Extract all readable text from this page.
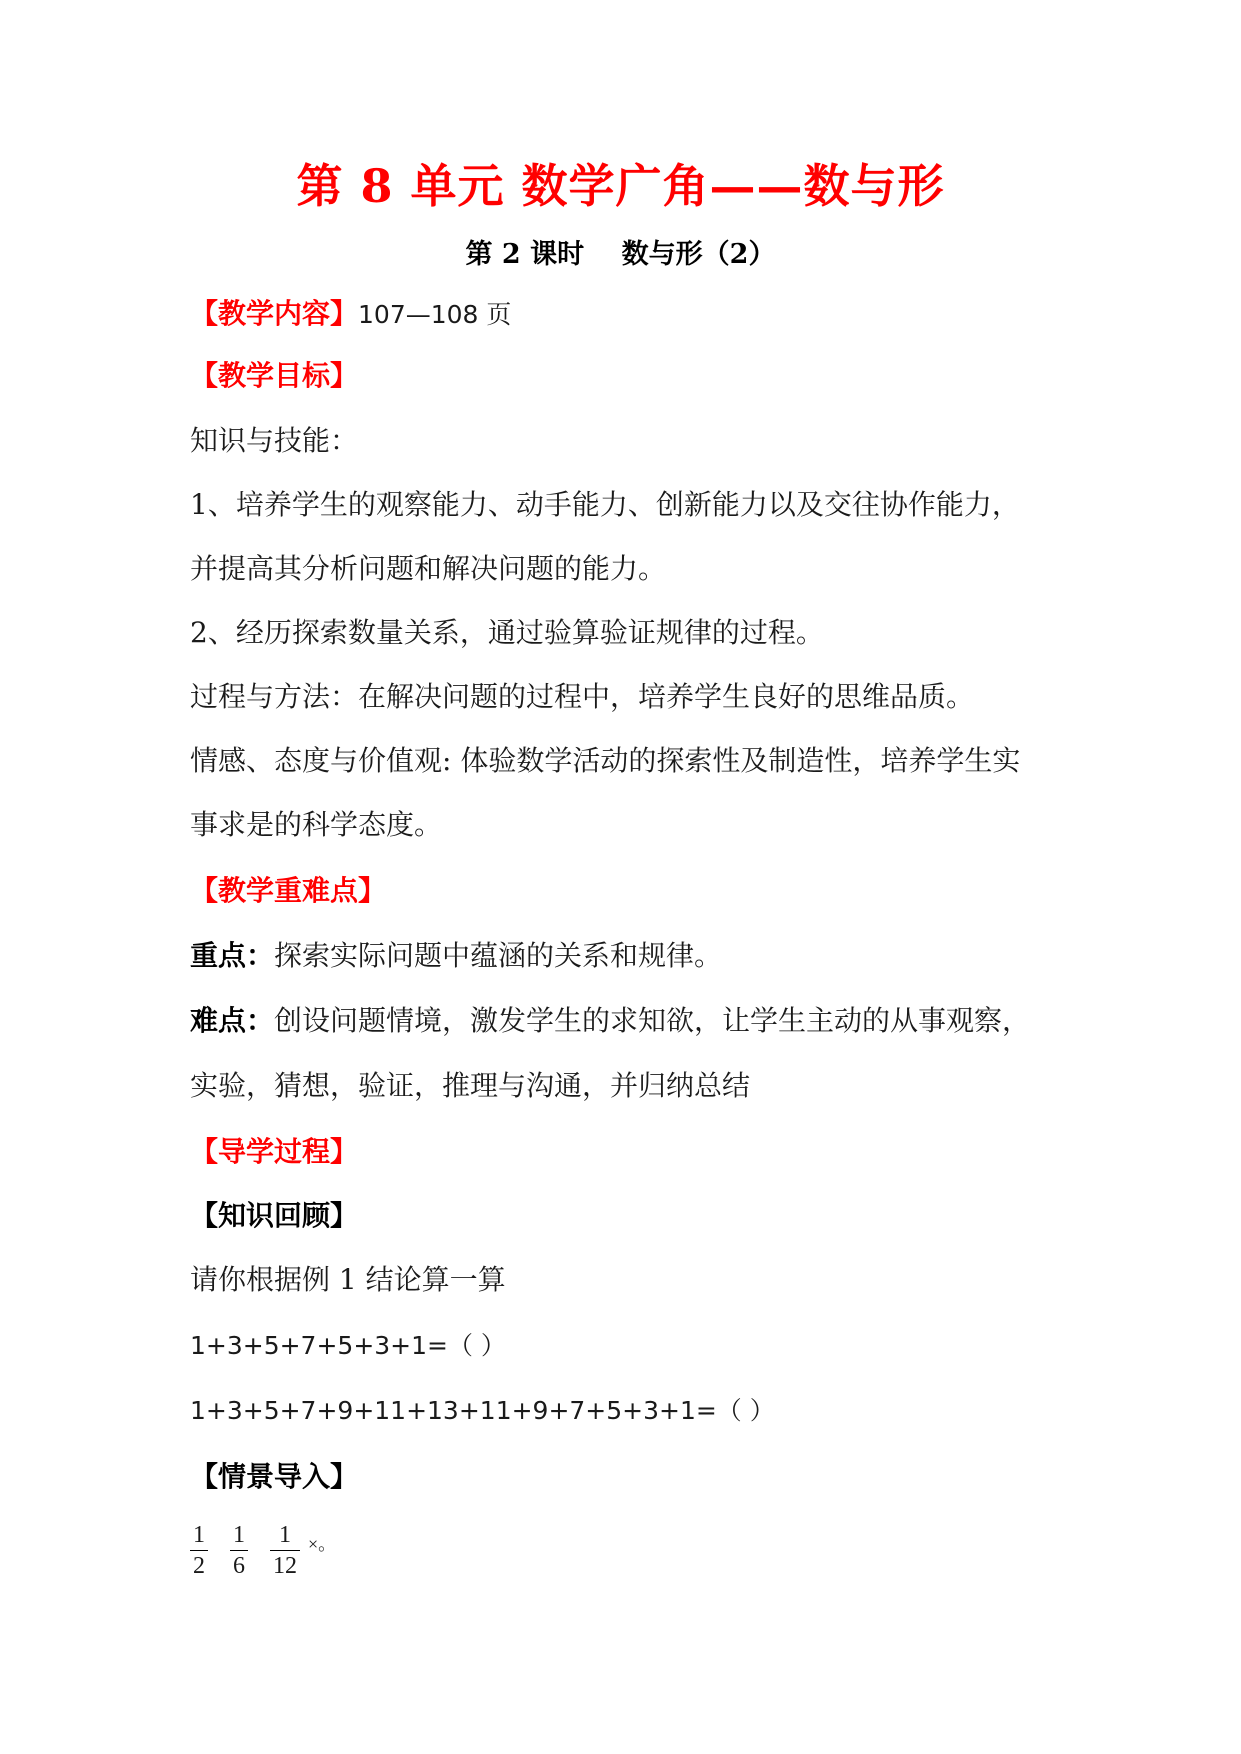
第 8 单元 数学广角——数与形
第 2 课时    数与形（2）
【教学内容】107—108 页
【教学目标】
知识与技能：
1、培养学生的观察能力、动手能力、创新能力以及交往协作能力，
并提高其分析问题和解决问题的能力。
2、经历探索数量关系，通过验算验证规律的过程。
过程与方法：在解决问题的过程中，培养学生良好的思维品质。
情感、态度与价值观: 体验数学活动的探索性及制造性，培养学生实
事求是的科学态度。
【教学重难点】
重点：探索实际问题中蕴涵的关系和规律。
难点：创设问题情境，激发学生的求知欲，让学生主动的从事观察，
实验，猜想，验证，推理与沟通，并归纳总结
【导学过程】
【知识回顾】
请你根据例 1 结论算一算
1+3+5+7+5+3+1=（ ）
1+3+5+7+9+11+13+11+9+7+5+3+1=（ ）
【情景导入】
$\frac{1}{2} \frac{1}{6} \frac{1}{12}$ ×。
